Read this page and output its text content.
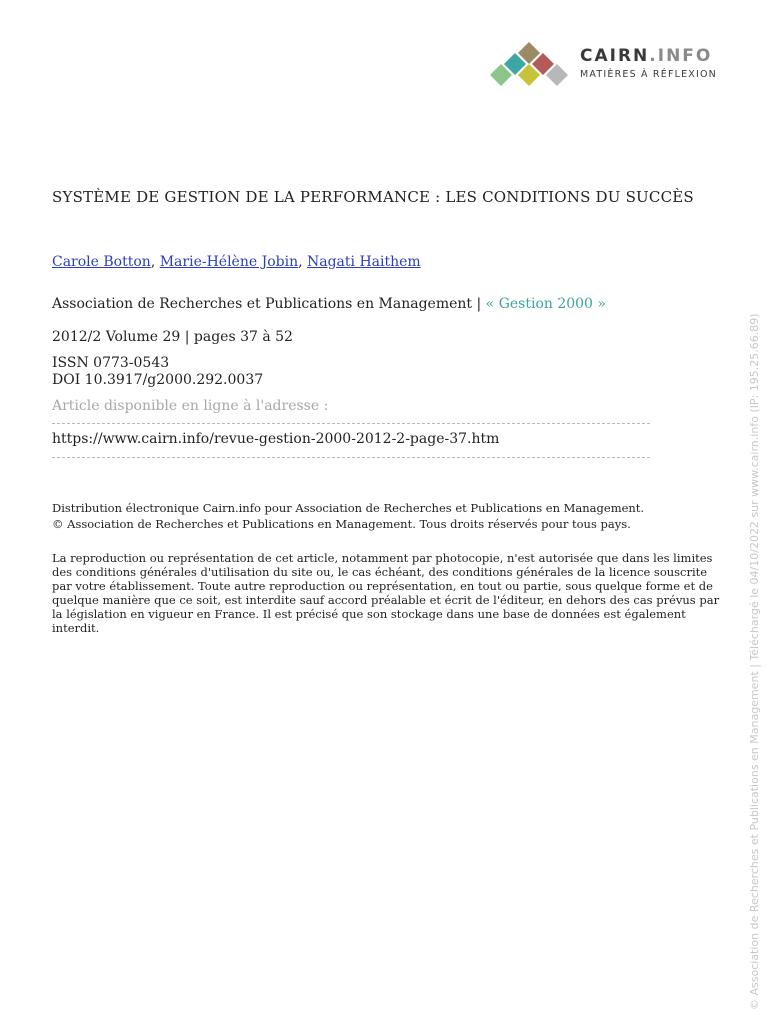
CAIRN.INFO
MATIÈRES À RÉFLEXION
SYSTÈME DE GESTION DE LA PERFORMANCE : LES CONDITIONS DU SUCCÈS
Carole Botton, Marie-Hélène Jobin, Nagati Haithem
Association de Recherches et Publications en Management | « Gestion 2000 »
2012/2 Volume 29 | pages 37 à 52
ISSN 0773-0543
DOI 10.3917/g2000.292.0037
Article disponible en ligne à l'adresse :
https://www.cairn.info/revue-gestion-2000-2012-2-page-37.htm

Distribution électronique Cairn.info pour Association de Recherches et Publications en Management.

© Association de Recherches et Publications en Management. Tous droits réservés pour tous pays.

La reproduction ou représentation de cet article, notamment par photocopie, n'est autorisée que dans les limites des conditions générales d'utilisation du site ou, le cas échéant, des conditions générales de la licence souscrite par votre établissement. Toute autre reproduction ou représentation, en tout ou partie, sous quelque forme et de quelque manière que ce soit, est interdite sauf accord préalable et écrit de l'éditeur, en dehors des cas prévus par la législation en vigueur en France. Il est précisé que son stockage dans une base de données est également interdit.	© Association de Recherches et Publications en Management | Téléchargé le 04/10/2022 sur www.cairn.info (IP: 195.25.66.89)
